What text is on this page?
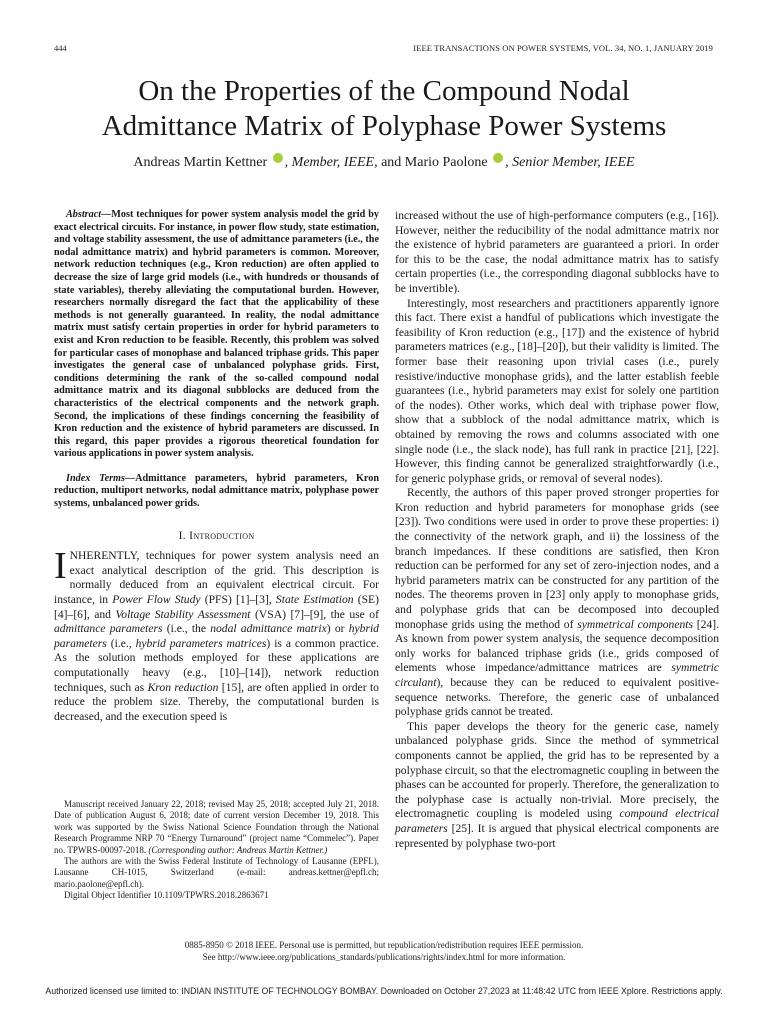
444	IEEE TRANSACTIONS ON POWER SYSTEMS, VOL. 34, NO. 1, JANUARY 2019
On the Properties of the Compound Nodal
Admittance Matrix of Polyphase Power Systems
Andreas Martin Kettner , Member, IEEE, and Mario Paolone , Senior Member, IEEE

Abstract—Most techniques for power system analysis model the grid by exact electrical circuits. For instance, in power flow study, state estimation, and voltage stability assessment, the use of admittance parameters (i.e., the nodal admittance matrix) and hybrid parameters is common. Moreover, network reduction techniques (e.g., Kron reduction) are often applied to decrease the size of large grid models (i.e., with hundreds or thousands of state variables), thereby alleviating the computational burden. However, researchers normally disregard the fact that the applicability of these methods is not generally guaranteed. In reality, the nodal admittance matrix must satisfy certain properties in order for hybrid parameters to exist and Kron reduction to be feasible. Recently, this problem was solved for particular cases of monophase and balanced triphase grids. This paper investigates the general case of unbalanced polyphase grids. First, conditions determining the rank of the so-called compound nodal admittance matrix and its diagonal subblocks are deduced from the characteristics of the electrical components and the network graph. Second, the implications of these findings concerning the feasibility of Kron reduction and the existence of hybrid parameters are discussed. In this regard, this paper provides a rigorous theoretical foundation for various applications in power system analysis.

Index Terms—Admittance parameters, hybrid parameters, Kron reduction, multiport networks, nodal admittance matrix, polyphase power systems, unbalanced power grids.

I. Introduction

INHERENTLY, techniques for power system analysis need an exact analytical description of the grid. This description is normally deduced from an equivalent electrical circuit. For instance, in Power Flow Study (PFS) [1]–[3], State Estimation (SE) [4]–[6], and Voltage Stability Assessment (VSA) [7]–[9], the use of admittance parameters (i.e., the nodal admittance matrix) or hybrid parameters (i.e., hybrid parameters matrices) is a common practice. As the solution methods employed for these applications are computationally heavy (e.g., [10]–[14]), network reduction techniques, such as Kron reduction [15], are often applied in order to reduce the problem size. Thereby, the computational burden is decreased, and the execution speed is

Manuscript received January 22, 2018; revised May 25, 2018; accepted July 21, 2018. Date of publication August 6, 2018; date of current version December 19, 2018. This work was supported by the Swiss National Science Foundation through the National Research Programme NRP 70 “Energy Turnaround” (project name “Commelec”). Paper no. TPWRS-00097-2018. (Corresponding author: Andreas Martin Kettner.)

The authors are with the Swiss Federal Institute of Technology of Lausanne (EPFL), Lausanne CH-1015, Switzerland (e-mail: andreas.kettner@epfl.ch; mario.paolone@epfl.ch).

Digital Object Identifier 10.1109/TPWRS.2018.2863671

increased without the use of high-performance computers (e.g., [16]). However, neither the reducibility of the nodal admittance matrix nor the existence of hybrid parameters are guaranteed a priori. In order for this to be the case, the nodal admittance matrix has to satisfy certain properties (i.e., the corresponding diagonal subblocks have to be invertible).

Interestingly, most researchers and practitioners apparently ignore this fact. There exist a handful of publications which investigate the feasibility of Kron reduction (e.g., [17]) and the existence of hybrid parameters matrices (e.g., [18]–[20]), but their validity is limited. The former base their reasoning upon trivial cases (i.e., purely resistive/inductive monophase grids), and the latter establish feeble guarantees (i.e., hybrid parameters may exist for solely one partition of the nodes). Other works, which deal with triphase power flow, show that a subblock of the nodal admittance matrix, which is obtained by removing the rows and columns associated with one single node (i.e., the slack node), has full rank in practice [21], [22]. However, this finding cannot be generalized straightforwardly (i.e., for generic polyphase grids, or removal of several nodes).

Recently, the authors of this paper proved stronger properties for Kron reduction and hybrid parameters for monophase grids (see [23]). Two conditions were used in order to prove these properties: i) the connectivity of the network graph, and ii) the lossiness of the branch impedances. If these conditions are satisfied, then Kron reduction can be performed for any set of zero-injection nodes, and a hybrid parameters matrix can be constructed for any partition of the nodes. The theorems proven in [23] only apply to monophase grids, and polyphase grids that can be decomposed into decoupled monophase grids using the method of symmetrical components [24]. As known from power system analysis, the sequence decomposition only works for balanced triphase grids (i.e., grids composed of elements whose impedance/admittance matrices are symmetric circulant), because they can be reduced to equivalent positive-sequence networks. Therefore, the generic case of unbalanced polyphase grids cannot be treated.

This paper develops the theory for the generic case, namely unbalanced polyphase grids. Since the method of symmetrical components cannot be applied, the grid has to be represented by a polyphase circuit, so that the electromagnetic coupling in between the phases can be accounted for properly. Therefore, the generalization to the polyphase case is actually non-trivial. More precisely, the electromagnetic coupling is modeled using compound electrical parameters [25]. It is argued that physical electrical components are represented by polyphase two-port

0885-8950 © 2018 IEEE. Personal use is permitted, but republication/redistribution requires IEEE permission.
See http://www.ieee.org/publications_standards/publications/rights/index.html for more information.
Authorized licensed use limited to: INDIAN INSTITUTE OF TECHNOLOGY BOMBAY. Downloaded on October 27,2023 at 11:48:42 UTC from IEEE Xplore. Restrictions apply.
